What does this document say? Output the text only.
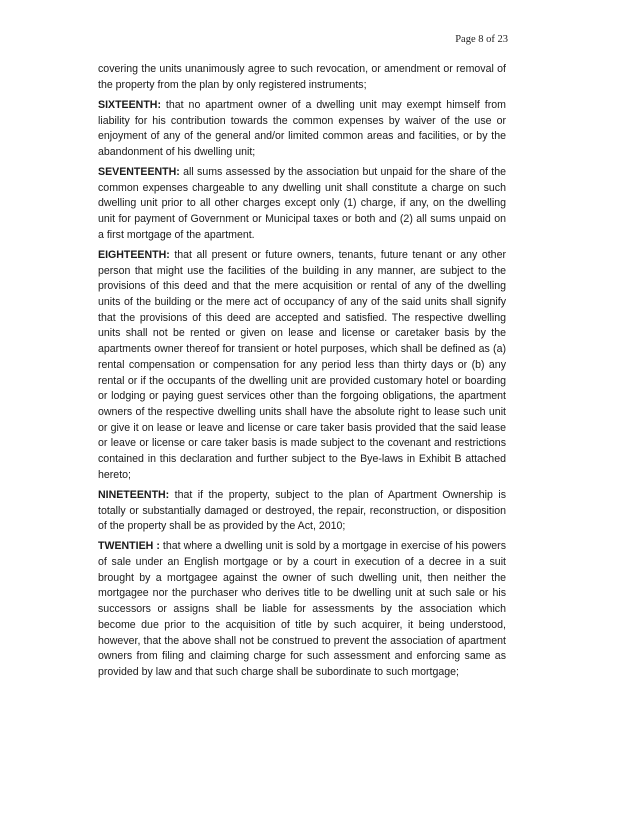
Page 8 of 23

covering the units unanimously agree to such revocation, or amendment or removal of the property from the plan by only registered instruments;

SIXTEENTH: that no apartment owner of a dwelling unit may exempt himself from liability for his contribution towards the common expenses by waiver of the use or enjoyment of any of the general and/or limited common areas and facilities, or by the abandonment of his dwelling unit;

SEVENTEENTH: all sums assessed by the association but unpaid for the share of the common expenses chargeable to any dwelling unit shall constitute a charge on such dwelling unit prior to all other charges except only (1) charge, if any, on the dwelling unit for payment of Government or Municipal taxes or both and (2) all sums unpaid on a first mortgage of the apartment.

EIGHTEENTH: that all present or future owners, tenants, future tenant or any other person that might use the facilities of the building in any manner, are subject to the provisions of this deed and that the mere acquisition or rental of any of the dwelling units of the building or the mere act of occupancy of any of the said units shall signify that the provisions of this deed are accepted and satisfied. The respective dwelling units shall not be rented or given on lease and license or caretaker basis by the apartments owner thereof for transient or hotel purposes, which shall be defined as (a) rental compensation or compensation for any period less than thirty days or (b) any rental or if the occupants of the dwelling unit are provided customary hotel or boarding or lodging or paying guest services other than the forgoing obligations, the apartment owners of the respective dwelling units shall have the absolute right to lease such unit or give it on lease or leave and license or care taker basis provided that the said lease or leave or license or care taker basis is made subject to the covenant and restrictions contained in this declaration and further subject to the Bye-laws in Exhibit B attached hereto;

NINETEENTH: that if the property, subject to the plan of Apartment Ownership is totally or substantially damaged or destroyed, the repair, reconstruction, or disposition of the property shall be as provided by the Act, 2010;

TWENTIEH : that where a dwelling unit is sold by a mortgage in exercise of his powers of sale under an English mortgage or by a court in execution of a decree in a suit brought by a mortgagee against the owner of such dwelling unit, then neither the mortgagee nor the purchaser who derives title to be dwelling unit at such sale or his successors or assigns shall be liable for assessments by the association which become due prior to the acquisition of title by such acquirer, it being understood, however, that the above shall not be construed to prevent the association of apartment owners from filing and claiming charge for such assessment and enforcing same as provided by law and that such charge shall be subordinate to such mortgage;
